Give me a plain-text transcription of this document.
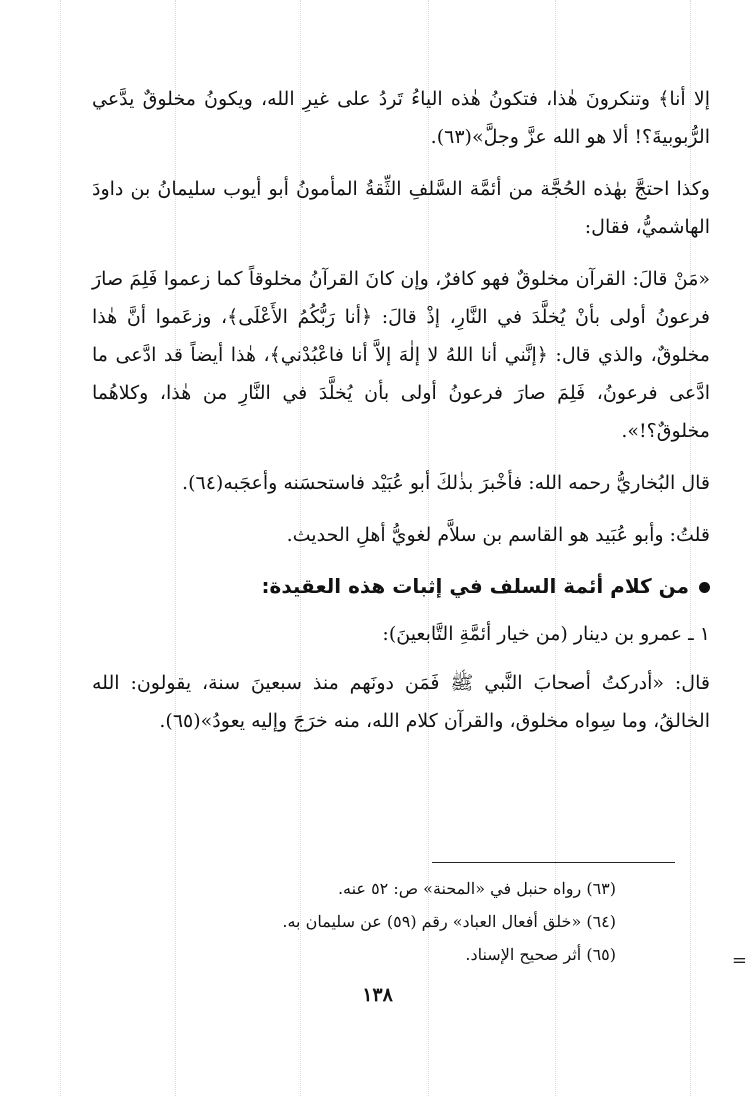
إلا أنا﴾ وتنكرونَ هٰذا، فتكونُ هٰذه الياءُ تَردُ على غيرِ الله، ويكونُ مخلوقٌ يدَّعي الرُّبوبيةَ؟! ألا هو الله عزَّ وجلَّ»(٦٣).

وكذا احتجَّ بهٰذه الحُجَّة من أئمَّة السَّلفِ الثِّقةُ المأمونُ أبو أيوب سليمانُ بن داودَ الهاشميُّ، فقال:

«مَنْ قالَ: القرآن مخلوقٌ فهو كافرٌ، وإن كانَ القرآنُ مخلوقاً كما زعموا فَلِمَ صارَ فرعونُ أولى بأنْ يُخلَّدَ في النَّارِ، إذْ قالَ: ﴿أنا رَبُّكُمُ الأَعْلَى﴾، وزعَموا أنَّ هٰذا مخلوقٌ، والذي قال: ﴿إنَّني أنا اللهُ لا إلٰهَ إلاَّ أنا فاعْبُدْني﴾، هٰذا أيضاً قد ادَّعى ما ادَّعى فرعونُ، فَلِمَ صارَ فرعونُ أولى بأن يُخلَّدَ في النَّارِ من هٰذا، وكلاهُما مخلوقٌ؟!».

قال البُخاريُّ رحمه الله: فأخْبرَ بذٰلكَ أبو عُبَيْد فاستحسَنه وأعجَبه(٦٤).

قلتُ: وأبو عُبَيد هو القاسم بن سلاَّم لغويُّ أهلِ الحديث.

من كلام أئمة السلف في إثبات هذه العقيدة:

١ ـ عمرو بن دينار (من خيار أئمَّةِ التَّابعينَ):

قال: «أدركتُ أصحابَ النَّبي ﷺ فَمَن دونَهم منذ سبعينَ سنة، يقولون: الله الخالقُ، وما سِواه مخلوق، والقرآن كلام الله، منه خرَجَ وإليه يعودُ»(٦٥).

(٦٣) رواه حنبل في «المحنة» ص: ٥٢ عنه.

(٦٤) «خلق أفعال العباد» رقم (٥٩) عن سليمان به.

(٦٥) أثر صحيح الإسناد.

١٣٨
=
